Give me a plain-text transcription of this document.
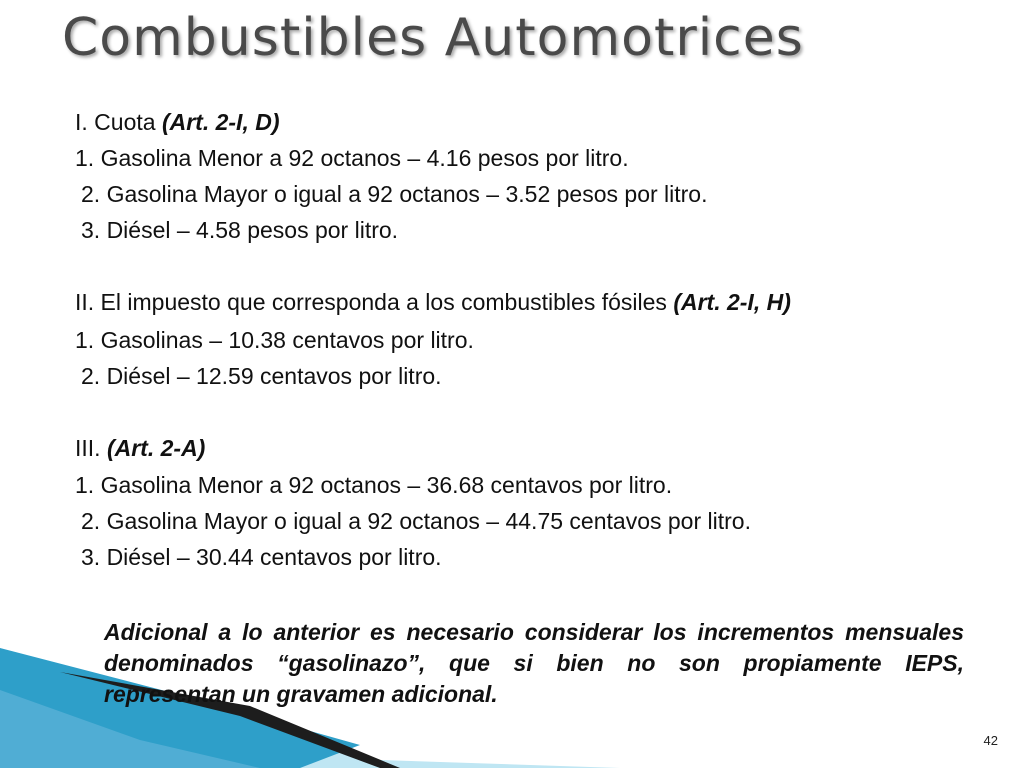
Combustibles Automotrices
I. Cuota (Art. 2-I, D)
1. Gasolina Menor a 92 octanos – 4.16 pesos por litro.
2. Gasolina Mayor o igual a 92 octanos – 3.52 pesos por litro.
3. Diésel – 4.58 pesos por litro.
II. El impuesto que corresponda a los combustibles fósiles (Art. 2-I, H)
1. Gasolinas – 10.38 centavos por litro.
2. Diésel – 12.59 centavos por litro.
III. (Art. 2-A)
1. Gasolina Menor a 92 octanos – 36.68 centavos por litro.
2. Gasolina Mayor o igual a 92 octanos – 44.75 centavos por litro.
3. Diésel – 30.44 centavos por litro.
Adicional a lo anterior es necesario considerar los incrementos mensuales denominados “gasolinazo”, que si bien no son propiamente IEPS, representan un gravamen adicional.
42
